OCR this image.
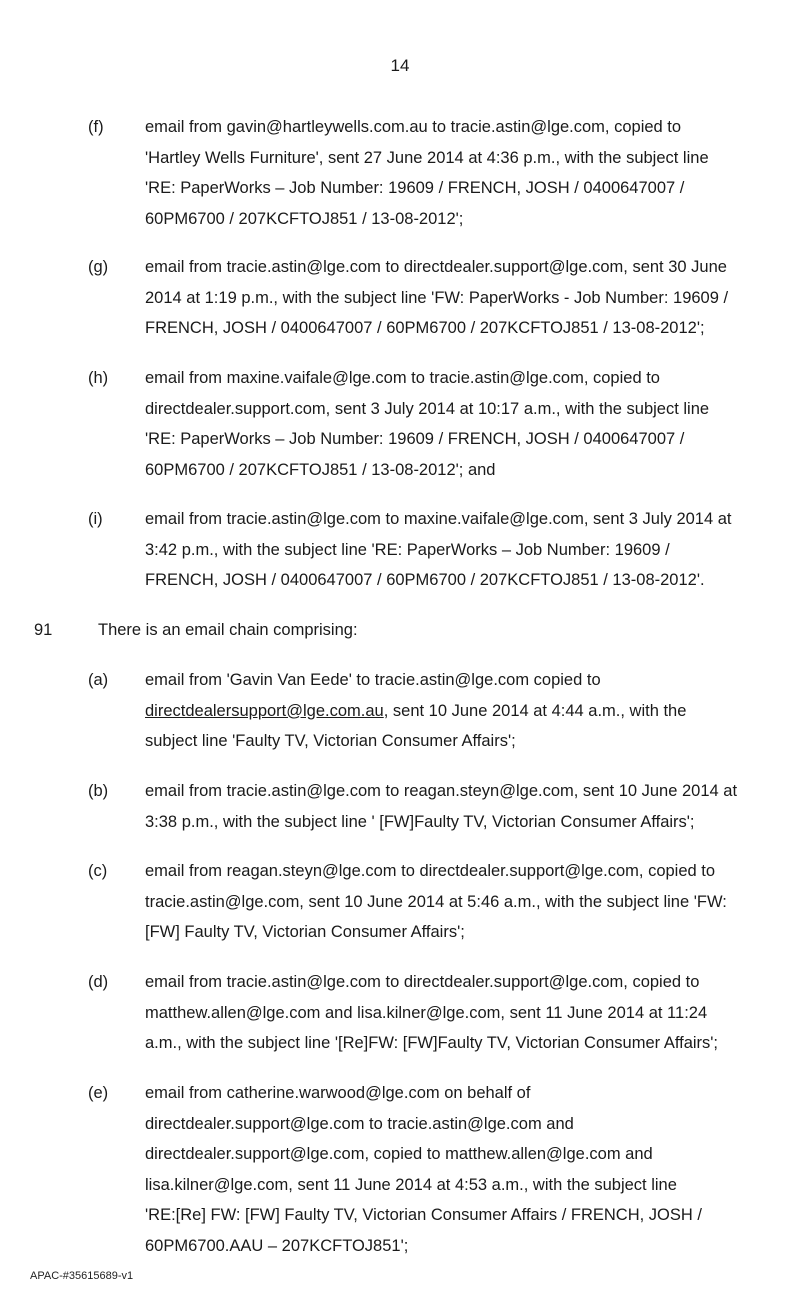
14
(f)	email from gavin@hartleywells.com.au to tracie.astin@lge.com, copied to
'Hartley Wells Furniture', sent 27 June 2014 at 4:36 p.m., with the subject line
'RE: PaperWorks – Job Number: 19609 / FRENCH, JOSH / 0400647007 /
60PM6700 / 207KCFTOJ851 / 13-08-2012';
(g) email from tracie.astin@lge.com to directdealer.support@lge.com, sent 30 June
2014 at 1:19 p.m., with the subject line 'FW: PaperWorks - Job Number: 19609 /
FRENCH, JOSH / 0400647007 / 60PM6700 / 207KCFTOJ851 / 13-08-2012';
(h) email from maxine.vaifale@lge.com to tracie.astin@lge.com, copied to
directdealer.support.com, sent 3 July 2014 at 10:17 a.m., with the subject line
'RE: PaperWorks – Job Number: 19609 / FRENCH, JOSH / 0400647007 /
60PM6700 / 207KCFTOJ851 / 13-08-2012'; and
(i)	email from tracie.astin@lge.com to maxine.vaifale@lge.com, sent 3 July 2014 at
3:42 p.m., with the subject line 'RE: PaperWorks – Job Number: 19609 /
FRENCH, JOSH / 0400647007 / 60PM6700 / 207KCFTOJ851 / 13-08-2012'.
91	There is an email chain comprising:
(a) email from 'Gavin Van Eede' to tracie.astin@lge.com copied to
directdealersupport@lge.com.au, sent 10 June 2014 at 4:44 a.m., with the
subject line 'Faulty TV, Victorian Consumer Affairs';
(b) email from tracie.astin@lge.com to reagan.steyn@lge.com, sent 10 June 2014 at
3:38 p.m., with the subject line ' [FW]Faulty TV, Victorian Consumer Affairs';
(c) email from reagan.steyn@lge.com to directdealer.support@lge.com, copied to
tracie.astin@lge.com, sent 10 June 2014 at 5:46 a.m., with the subject line 'FW:
[FW] Faulty TV, Victorian Consumer Affairs';
(d) email from tracie.astin@lge.com to directdealer.support@lge.com, copied to
matthew.allen@lge.com and lisa.kilner@lge.com, sent 11 June 2014 at 11:24
a.m., with the subject line '[Re]FW: [FW]Faulty TV, Victorian Consumer Affairs';
(e) email from catherine.warwood@lge.com on behalf of
directdealer.support@lge.com to tracie.astin@lge.com and
directdealer.support@lge.com, copied to matthew.allen@lge.com and
lisa.kilner@lge.com, sent 11 June 2014 at 4:53 a.m., with the subject line
'RE:[Re] FW: [FW] Faulty TV, Victorian Consumer Affairs / FRENCH, JOSH /
60PM6700.AAU – 207KCFTOJ851';
APAC-#35615689-v1
